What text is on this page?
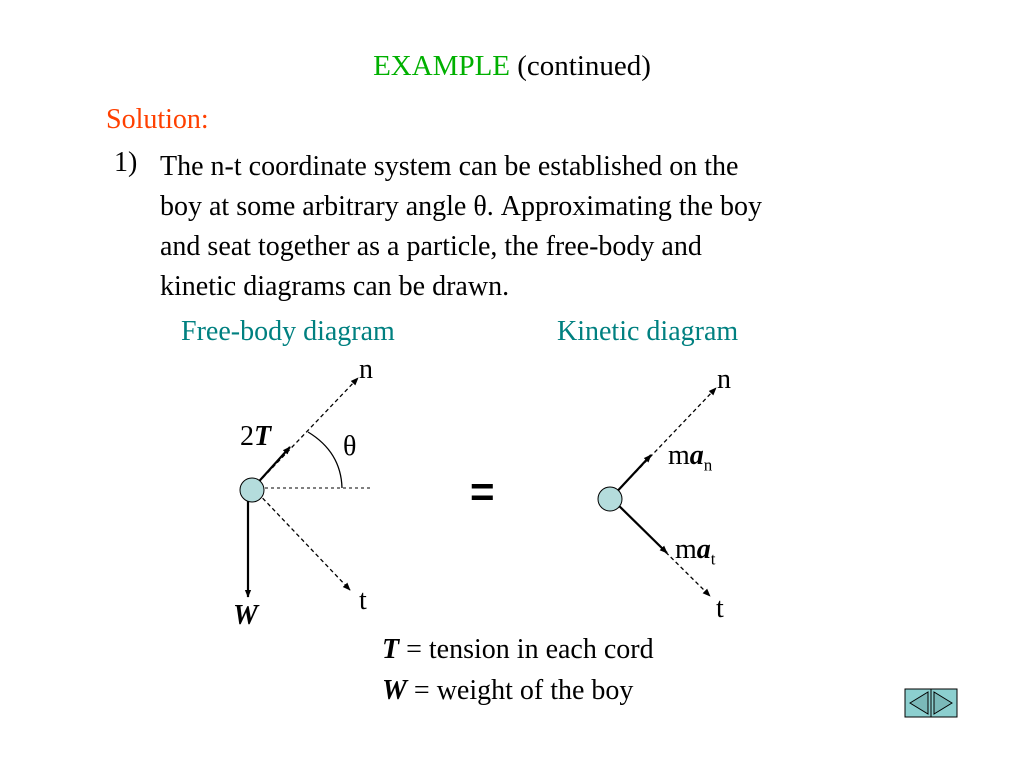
EXAMPLE (continued)
Solution:
1) The n-t coordinate system can be established on the
boy at some arbitrary angle θ. Approximating the boy
and seat together as a particle, the free-body and
kinetic diagrams can be drawn.
Free-body diagram	Kinetic diagram
n
t
θ
2T
W
=
n
t
$ma_n$
$ma_t$
T = tension in each cord
W = weight of the boy
